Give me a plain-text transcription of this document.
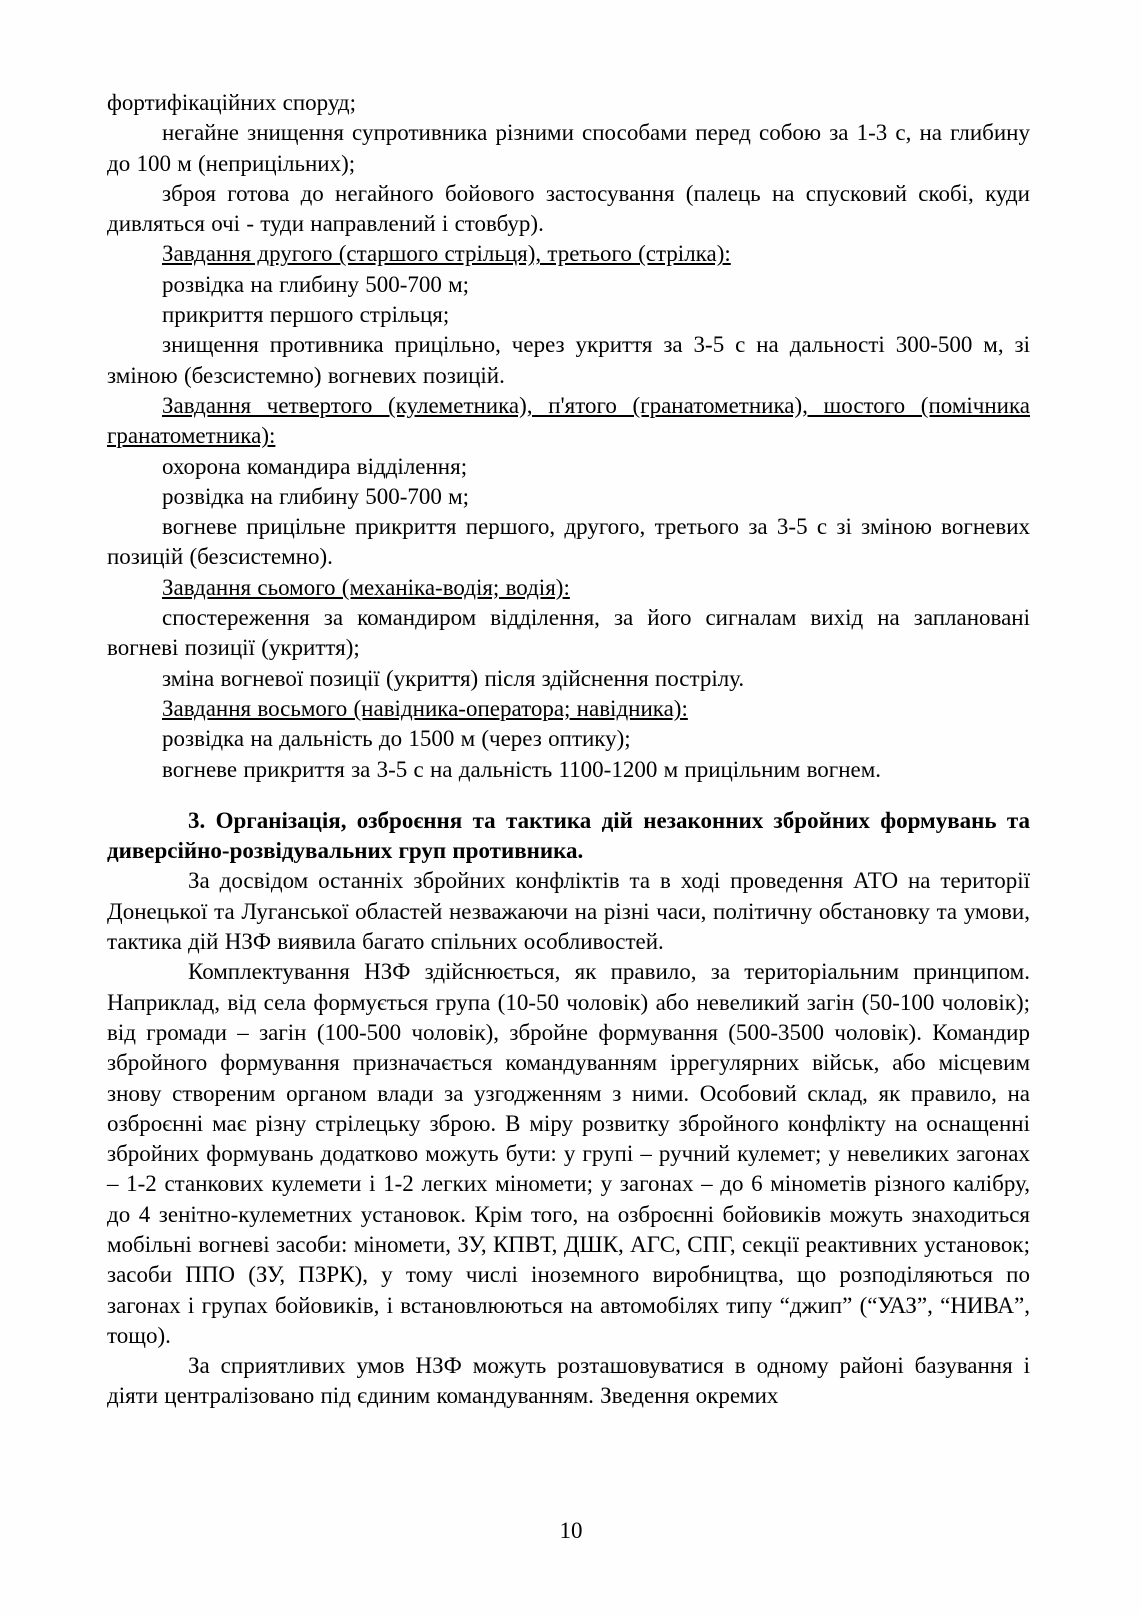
фортифікаційних споруд;

негайне знищення супротивника різними способами перед собою за 1-3 с, на глибину до 100 м (неприцільних);

зброя готова до негайного бойового застосування (палець на спусковий скобі, куди дивляться очі - туди направлений і стовбур).

Завдання другого (старшого стрільця), третього (стрілка):

розвідка на глибину 500-700 м;

прикриття першого стрільця;

знищення противника прицільно, через укриття за 3-5 с на дальності 300-500 м, зі зміною (безсистемно) вогневих позицій.

Завдання четвертого (кулеметника), п'ятого (гранатометника), шостого (помічника гранатометника):

охорона командира відділення;

розвідка на глибину 500-700 м;

вогневе прицільне прикриття першого, другого, третього за 3-5 с зі зміною вогневих позицій (безсистемно).

Завдання сьомого (механіка-водія; водія):

спостереження за командиром відділення, за його сигналам вихід на заплановані вогневі позиції (укриття);

зміна вогневої позиції (укриття) після здійснення пострілу.

Завдання восьмого (навідника-оператора; навідника):

розвідка на дальність до 1500 м (через оптику);

вогневе прикриття за 3-5 с на дальність 1100-1200 м прицільним вогнем.

3. Організація, озброєння та тактика дій незаконних збройних формувань та диверсійно-розвідувальних груп противника.

За досвідом останніх збройних конфліктів та в ході проведення АТО на території Донецької та Луганської областей незважаючи на різні часи, політичну обстановку та умови, тактика дій НЗФ виявила багато спільних особливостей.

Комплектування НЗФ здійснюється, як правило, за територіальним принципом. Наприклад, від села формується група (10-50 чоловік) або невеликий загін (50-100 чоловік); від громади – загін (100-500 чоловік), збройне формування (500-3500 чоловік). Командир збройного формування призначається командуванням іррегулярних військ, або місцевим знову створеним органом влади за узгодженням з ними. Особовий склад, як правило, на озброєнні має різну стрілецьку зброю. В міру розвитку збройного конфлікту на оснащенні збройних формувань додатково можуть бути: у групі – ручний кулемет; у невеликих загонах – 1-2 станкових кулемети і 1-2 легких міномети; у загонах – до 6 мінометів різного калібру, до 4 зенітно-кулеметних установок. Крім того, на озброєнні бойовиків можуть знаходиться мобільні вогневі засоби: міномети, ЗУ, КПВТ, ДШК, АГС, СПГ, секції реактивних установок; засоби ППО (ЗУ, ПЗРК), у тому числі іноземного виробництва, що розподіляються по загонах і групах бойовиків, і встановлюються на автомобілях типу “джип” (“УАЗ”, “НИВА”, тощо).

За сприятливих умов НЗФ можуть розташовуватися в одному районі базування і діяти централізовано під єдиним командуванням. Зведення окремих

10
